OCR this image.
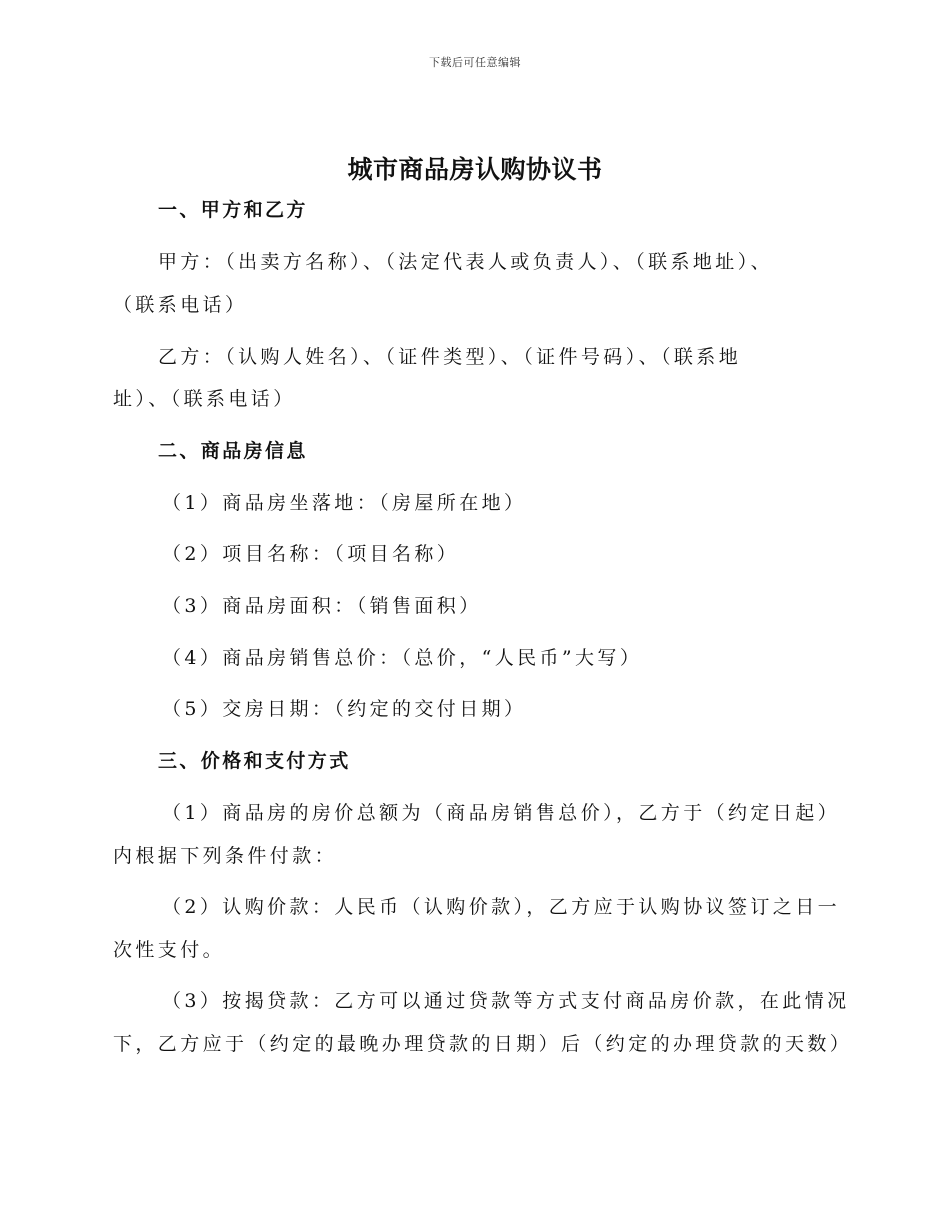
下载后可任意编辑
城市商品房认购协议书
一、甲方和乙方
甲方：（出卖方名称）、（法定代表人或负责人）、（联系地址）、
（联系电话）
乙方：（认购人姓名）、（证件类型）、（证件号码）、（联系地
址）、（联系电话）
二、商品房信息
（1）商品房坐落地：（房屋所在地）
（2）项目名称：（项目名称）
（3）商品房面积：（销售面积）
（4）商品房销售总价：（总价，“人民币”大写）
（5）交房日期：（约定的交付日期）
三、价格和支付方式
（1）商品房的房价总额为（商品房销售总价），乙方于（约定日起）
内根据下列条件付款：
（2）认购价款：人民币（认购价款），乙方应于认购协议签订之日一
次性支付。
（3）按揭贷款：乙方可以通过贷款等方式支付商品房价款，在此情况
下，乙方应于（约定的最晚办理贷款的日期）后（约定的办理贷款的天数）
